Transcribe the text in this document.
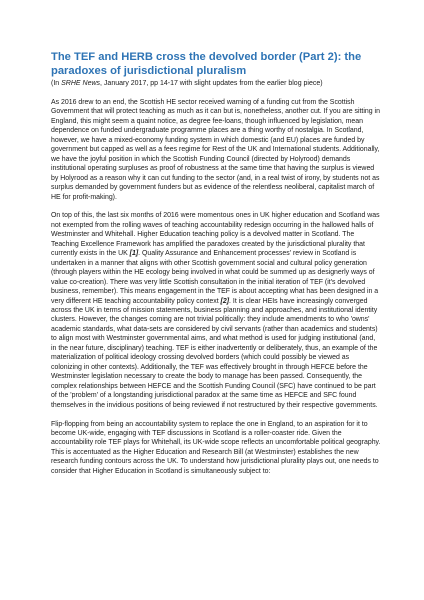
The TEF and HERB cross the devolved border (Part 2): the paradoxes of jurisdictional pluralism

(In SRHE News, January 2017, pp 14-17 with slight updates from the earlier blog piece)

As 2016 drew to an end, the Scottish HE sector received warning of a funding cut from the Scottish Government that will protect teaching as much as it can but is, nonetheless, another cut. If you are sitting in England, this might seem a quaint notice, as degree fee-loans, though influenced by legislation, mean dependence on funded undergraduate programme places are a thing worthy of nostalgia. In Scotland, however, we have a mixed-economy funding system in which domestic (and EU) places are funded by government but capped as well as a fees regime for Rest of the UK and International students. Additionally, we have the joyful position in which the Scottish Funding Council (directed by Holyrood) demands institutional operating surpluses as proof of robustness at the same time that having the surplus is viewed by Holyrood as a reason why it can cut funding to the sector (and, in a real twist of irony, by students not as surplus demanded by government funders but as evidence of the relentless neoliberal, capitalist march of HE for profit-making).

On top of this, the last six months of 2016 were momentous ones in UK higher education and Scotland was not exempted from the rolling waves of teaching accountability redesign occurring in the hallowed halls of Westminster and Whitehall. Higher Education teaching policy is a devolved matter in Scotland. The Teaching Excellence Framework has amplified the paradoxes created by the jurisdictional plurality that currently exists in the UK [1]. Quality Assurance and Enhancement processes' review in Scotland is undertaken in a manner that aligns with other Scottish government social and cultural policy generation (through players within the HE ecology being involved in what could be summed up as designerly ways of value co-creation). There was very little Scottish consultation in the initial iteration of TEF (it's devolved business, remember). This means engagement in the TEF is about accepting what has been designed in a very different HE teaching accountability policy context [2]. It is clear HEIs have increasingly converged across the UK in terms of mission statements, business planning and approaches, and institutional identity clusters. However, the changes coming are not trivial politically: they include amendments to who 'owns' academic standards, what data-sets are considered by civil servants (rather than academics and students) to align most with Westminster governmental aims, and what method is used for judging institutional (and, in the near future, disciplinary) teaching. TEF is either inadvertently or deliberately, thus, an example of the materialization of political ideology crossing devolved borders (which could possibly be viewed as colonizing in other contexts). Additionally, the TEF was effectively brought in through HEFCE before the Westminster legislation necessary to create the body to manage has been passed. Consequently, the complex relationships between HEFCE and the Scottish Funding Council (SFC) have continued to be part of the 'problem' of a longstanding jurisdictional paradox at the same time as HEFCE and SFC found themselves in the invidious positions of being reviewed if not restructured by their respective governments.

Flip-flopping from being an accountability system to replace the one in England, to an aspiration for it to become UK-wide, engaging with TEF discussions in Scotland is a roller-coaster ride. Given the accountability role TEF plays for Whitehall, its UK-wide scope reflects an uncomfortable political geography. This is accentuated as the Higher Education and Research Bill (at Westminster) establishes the new research funding contours across the UK. To understand how jurisdictional plurality plays out, one needs to consider that Higher Education in Scotland is simultaneously subject to:
